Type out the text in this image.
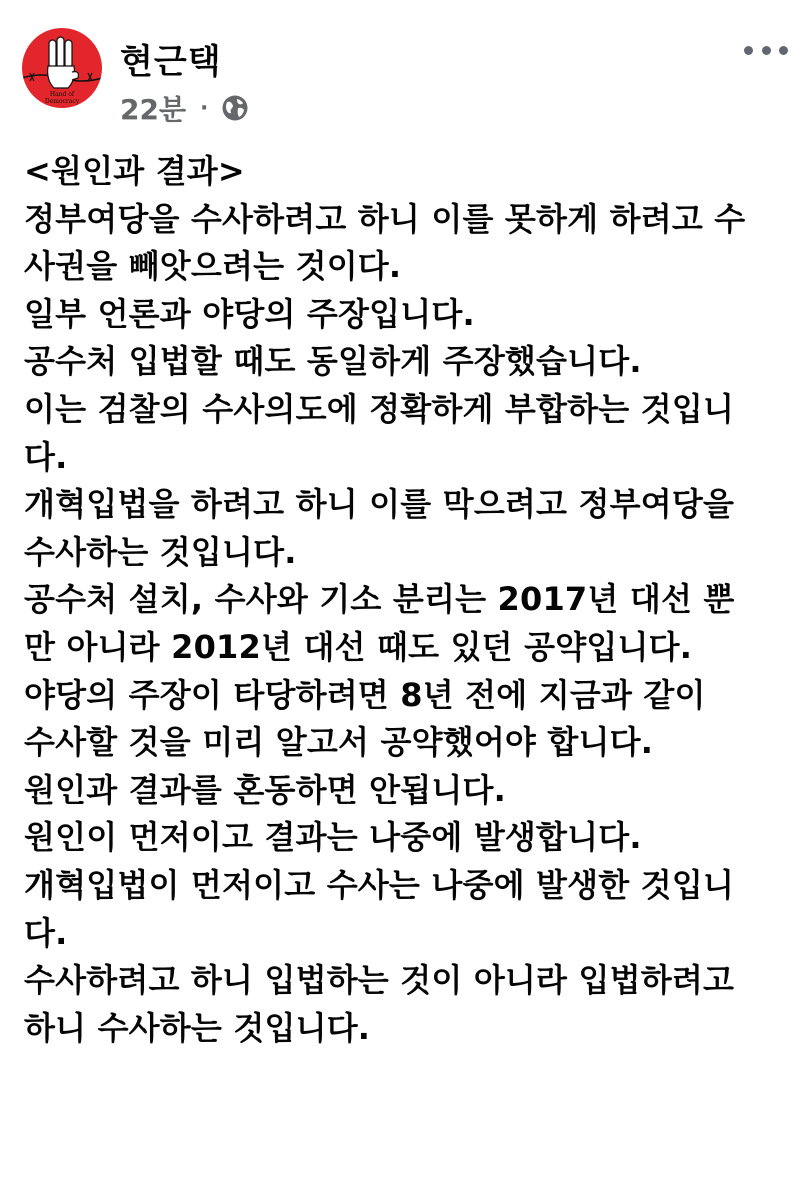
Hand of
Democracy
현근택
22분 ·
<원인과 결과>
정부여당을 수사하려고 하니 이를 못하게 하려고 수
사권을 빼앗으려는 것이다.
일부 언론과 야당의 주장입니다.
공수처 입법할 때도 동일하게 주장했습니다.
이는 검찰의 수사의도에 정확하게 부합하는 것입니
다.
개혁입법을 하려고 하니 이를 막으려고 정부여당을
수사하는 것입니다.
공수처 설치, 수사와 기소 분리는 2017년 대선 뿐
만 아니라 2012년 대선 때도 있던 공약입니다.
야당의 주장이 타당하려면 8년 전에 지금과 같이
수사할 것을 미리 알고서 공약했어야 합니다.
원인과 결과를 혼동하면 안됩니다.
원인이 먼저이고 결과는 나중에 발생합니다.
개혁입법이 먼저이고 수사는 나중에 발생한 것입니
다.
수사하려고 하니 입법하는 것이 아니라 입법하려고
하니 수사하는 것입니다.
